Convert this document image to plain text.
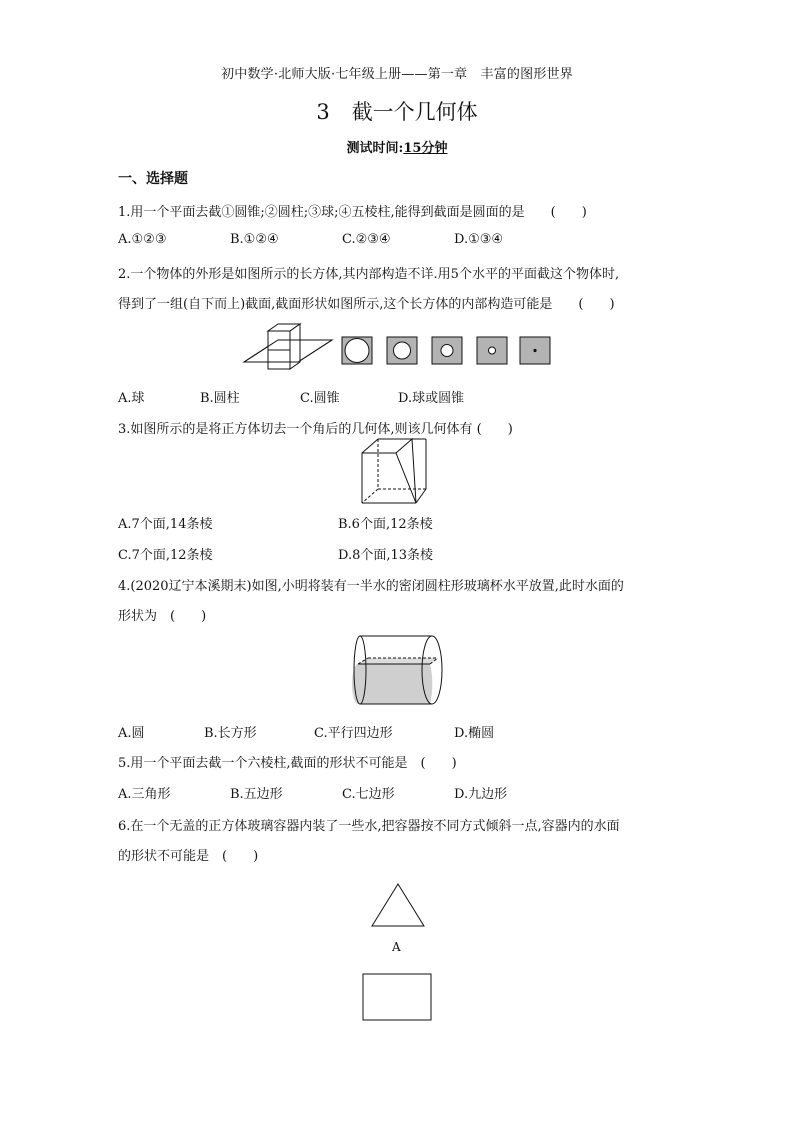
初中数学·北师大版·七年级上册——第一章　丰富的图形世界
3 截一个几何体
测试时间:15分钟
一、选择题
1.用一个平面去截①圆锥;②圆柱;③球;④五棱柱,能得到截面是圆面的是　　(　　)
A.①②③	B.①②④	C.②③④	D.①③④
2.一个物体的外形是如图所示的长方体,其内部构造不详.用5个水平的平面截这个物体时,
得到了一组(自下而上)截面,截面形状如图所示,这个长方体的内部构造可能是　　(　　)
A.球	B.圆柱	C.圆锥	D.球或圆锥
3.如图所示的是将正方体切去一个角后的几何体,则该几何体有 (　　)
A.7个面,14条棱	B.6个面,12条棱
C.7个面,12条棱	D.8个面,13条棱
4.(2020辽宁本溪期末)如图,小明将装有一半水的密闭圆柱形玻璃杯水平放置,此时水面的
形状为　(　　)
A.圆	B.长方形	C.平行四边形	D.椭圆
5.用一个平面去截一个六棱柱,截面的形状不可能是　(　　)
A.三角形	B.五边形	C.七边形	D.九边形
6.在一个无盖的正方体玻璃容器内装了一些水,把容器按不同方式倾斜一点,容器内的水面
的形状不可能是　(　　)
A
